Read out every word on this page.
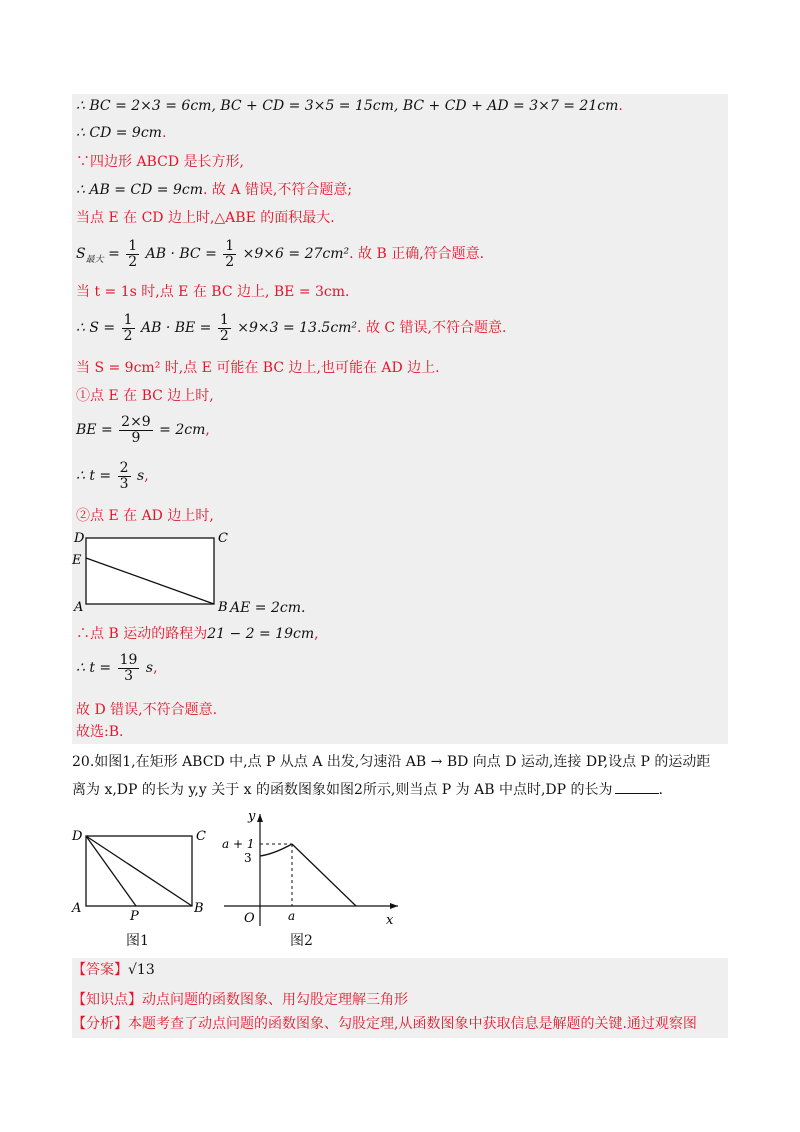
∴ BC = 2×3 = 6cm, BC + CD = 3×5 = 15cm, BC + CD + AD = 3×7 = 21cm.
∴ CD = 9cm.
∵四边形 ABCD 是长方形,
∴ AB = CD = 9cm. 故 A 错误,不符合题意;
当点 E 在 CD 边上时,△ABE 的面积最大.
$S_{最大} = \frac{1}{2}$ AB · BC = $\frac{1}{2} \times 9\times 6 = 27cm^2$. 故 B 正确,符合题意.
当 t = 1s 时,点 E 在 BC 边上, BE = 3cm.
∴ $S = \frac{1}{2}$ AB · BE = $\frac{1}{2} \times 9\times 3 = 13.5cm^2$. 故 C 错误,不符合题意.
当 S = 9cm² 时,点 E 可能在 BC 边上,也可能在 AD 边上.
①点 E 在 BC 边上时,
BE = $\frac{2\times 9}{9} = 2cm$,
∴ $t = \frac{2}{3} s$,
②点 E 在 AD 边上时,
D	C
E
A	B AE = 2cm.
∴点 B 运动的路程为21 − 2 = 19cm,
∴ $t = \frac{19}{3} s$,
故 D 错误,不符合题意.
故选:B.
20.如图1,在矩形 ABCD 中,点 P 从点 A 出发,匀速沿 AB → BD 向点 D 运动,连接 DP,设点 P 的运动距
离为 x,DP 的长为 y,y 关于 x 的函数图象如图2所示,则当点 P 为 AB 中点时,DP 的长为	.
D	C
A	B
P
图1
y
x
O
a + 1
3
a
图2
【答案】√13
【知识点】动点问题的函数图象、用勾股定理解三角形
【分析】本题考查了动点问题的函数图象、勾股定理,从函数图象中获取信息是解题的关键.通过观察图
